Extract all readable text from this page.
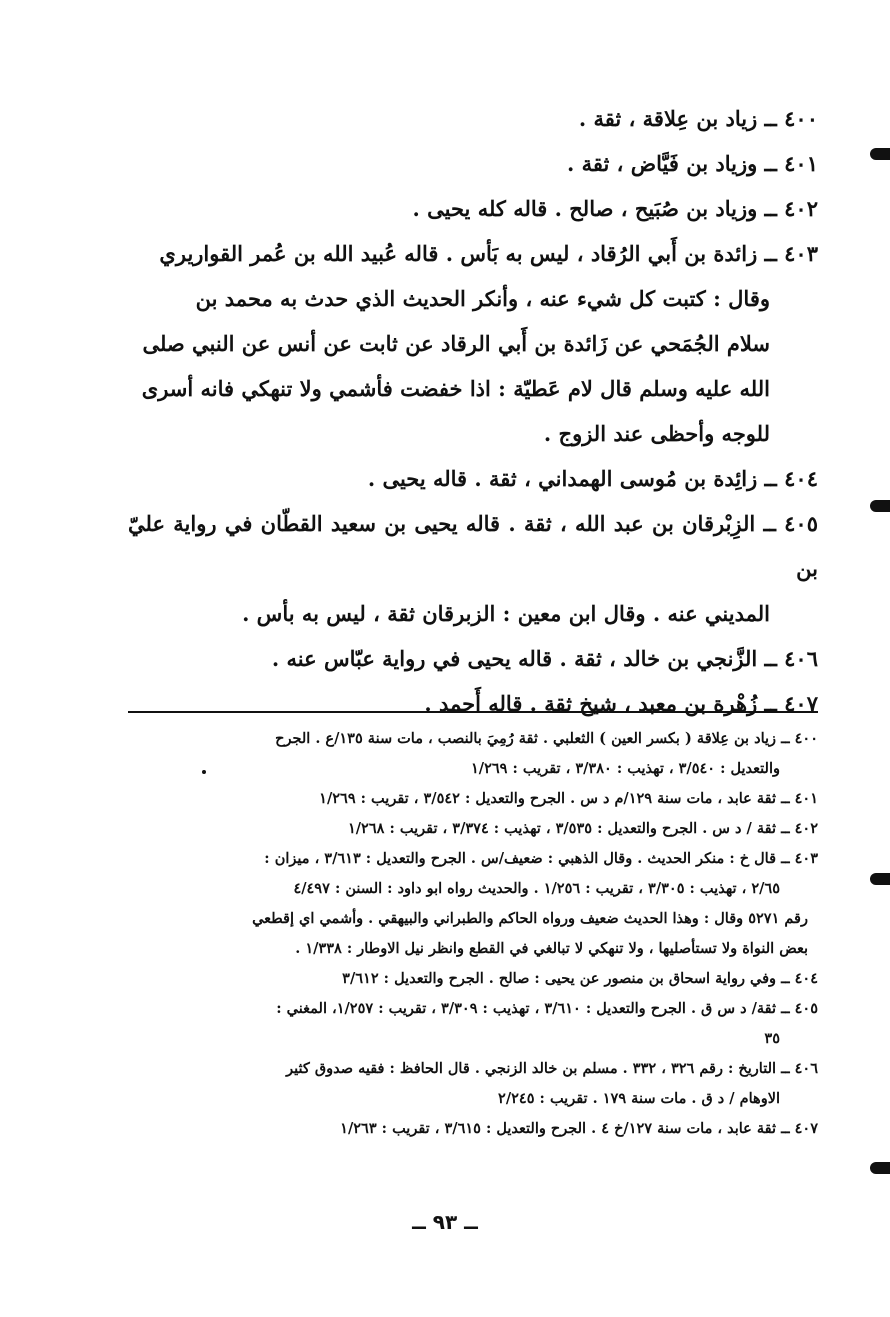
٤٠٠ ــ زياد بن عِلاقة ، ثقة .

٤٠١ ــ وزياد بن فَيَّاض ، ثقة .

٤٠٢ ــ وزياد بن صُبَيح ، صالح . قاله كله يحيى .

٤٠٣ ــ زائدة بن أَبي الرُقاد ، ليس به بَأس . قاله عُبيد الله بن عُمر القواريري
وقال : كتبت كل شيء عنه ، وأنكر الحديث الذي حدث به محمد بن
سلام الجُمَحي عن زَائدة بن أَبي الرقاد عن ثابت عن أنس عن النبي صلى
الله عليه وسلم قال لام عَطيّة : اذا خفضت فأشمي ولا تنهكي فانه أسرى
للوجه وأحظى عند الزوج .

٤٠٤ ــ زائِدة بن مُوسى الهمداني ، ثقة . قاله يحيى .

٤٠٥ ــ الزِبْرقان بن عبد الله ، ثقة . قاله يحيى بن سعيد القطّان في رواية عليّ بن
المديني عنه . وقال ابن معين : الزبرقان ثقة ، ليس به بأس .

٤٠٦ ــ الزَّنجي بن خالد ، ثقة . قاله يحيى في رواية عبّاس عنه .

٤٠٧ ــ زُهْرة بن معبد ، شيخ ثقة . قاله أَحمد .

٤٠٠ ــ زياد بن عِلاقة ( بكسر العين ) الثعلبي . ثقة رُمِيَ بالنصب ، مات سنة ١٣٥/ع . الجرح
والتعديل : ٣/٥٤٠ ، تهذيب : ٣/٣٨٠ ، تقريب : ١/٢٦٩

٤٠١ ــ ثقة عابد ، مات سنة ١٢٩/م د س . الجرح والتعديل : ٣/٥٤٢ ، تقريب : ١/٢٦٩

٤٠٢ ــ ثقة / د س . الجرح والتعديل : ٣/٥٣٥ ، تهذيب : ٣/٣٧٤ ، تقريب : ١/٢٦٨

٤٠٣ ــ قال خ : منكر الحديث . وقال الذهبي : ضعيف/س . الجرح والتعديل : ٣/٦١٣ ، ميزان :
٢/٦٥ ، تهذيب : ٣/٣٠٥ ، تقريب : ١/٢٥٦ . والحديث رواه ابو داود : السنن : ٤/٤٩٧
رقم ٥٢٧١ وقال : وهذا الحديث ضعيف ورواه الحاكم والطبراني والبيهقي . وأشمي اي إقطعي
بعض النواة ولا تستأصليها ، ولا تنهكي لا تبالغي في القطع وانظر نيل الاوطار : ١/٣٣٨ .

٤٠٤ ــ وفي رواية اسحاق بن منصور عن يحيى : صالح . الجرح والتعديل : ٣/٦١٢

٤٠٥ ــ ثقة/ د س ق . الجرح والتعديل : ٣/٦١٠ ، تهذيب : ٣/٣٠٩ ، تقريب : ١/٢٥٧، المغني :
٣٥

٤٠٦ ــ التاريخ : رقم ٣٢٦ ، ٣٣٢ . مسلم بن خالد الزنجي . قال الحافظ : فقيه صدوق كثير
الاوهام / د ق . مات سنة ١٧٩ . تقريب : ٢/٢٤٥

٤٠٧ ــ ثقة عابد ، مات سنة ١٢٧/خ ٤ . الجرح والتعديل : ٣/٦١٥ ، تقريب : ١/٢٦٣

ــ ٩٣ ــ
